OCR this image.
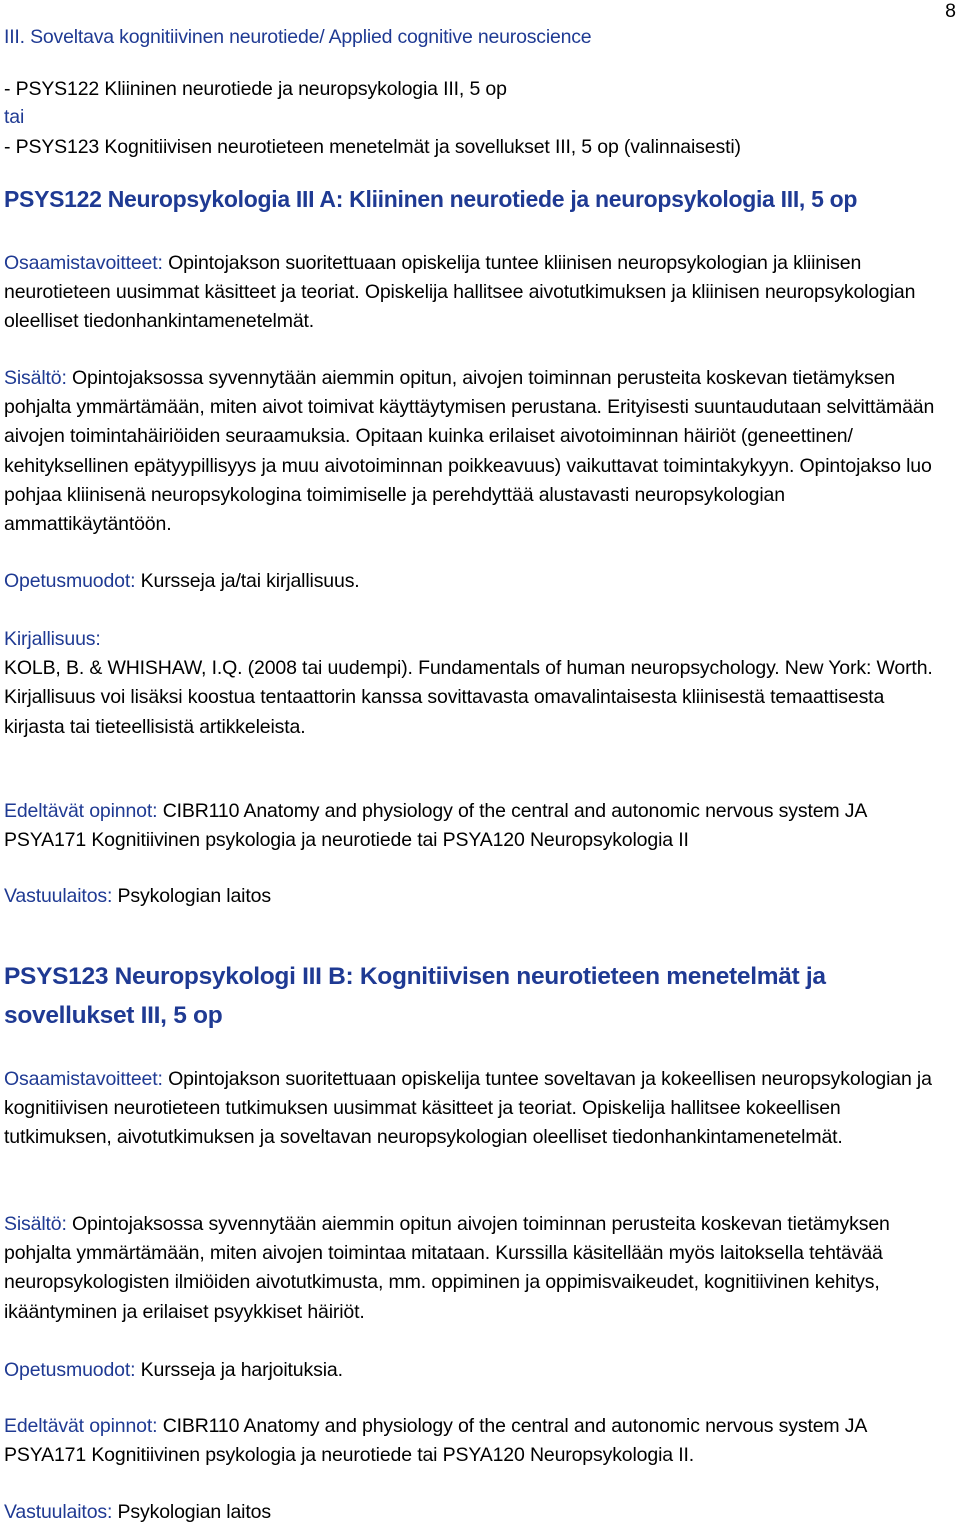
III. Soveltava kognitiivinen neurotiede/ Applied cognitive neuroscience
8
- PSYS122 Kliininen neurotiede ja neuropsykologia III, 5 op
tai
- PSYS123 Kognitiivisen neurotieteen menetelmät ja sovellukset III, 5 op (valinnaisesti)
PSYS122 Neuropsykologia III A: Kliininen neurotiede ja neuropsykologia III, 5 op
Osaamistavoitteet: Opintojakson suoritettuaan opiskelija tuntee kliinisen neuropsykologian ja kliinisen neurotieteen uusimmat käsitteet ja teoriat. Opiskelija hallitsee aivotutkimuksen ja kliinisen neuropsykologian oleelliset tiedonhankintamenetelmät.
Sisältö: Opintojaksossa syvennytään aiemmin opitun, aivojen toiminnan perusteita koskevan tietämyksen pohjalta ymmärtämään, miten aivot toimivat käyttäytymisen perustana. Erityisesti suuntaudutaan selvittämään aivojen toimintahäiriöiden seuraamuksia. Opitaan kuinka erilaiset aivotoiminnan häiriöt (geneettinen/ kehityksellinen epätyypillisyys ja muu aivotoiminnan poikkeavuus) vaikuttavat toimintakykyyn. Opintojakso luo pohjaa kliinisenä neuropsykologina toimimiselle ja perehdyttää alustavasti neuropsykologian ammattikäytäntöön.
Opetusmuodot: Kursseja ja/tai kirjallisuus.
Kirjallisuus:
KOLB, B. & WHISHAW, I.Q. (2008 tai uudempi). Fundamentals of human neuropsychology. New York: Worth.
Kirjallisuus voi lisäksi koostua tentaattorin kanssa sovittavasta omavalintaisesta kliinisestä temaattisesta kirjasta tai tieteellisistä artikkeleista.
Edeltävät opinnot: CIBR110 Anatomy and physiology of the central and autonomic nervous system JA PSYA171 Kognitiivinen psykologia ja neurotiede tai PSYA120 Neuropsykologia II
Vastuulaitos: Psykologian laitos
PSYS123 Neuropsykologi III B: Kognitiivisen neurotieteen menetelmät ja sovellukset III, 5 op
Osaamistavoitteet: Opintojakson suoritettuaan opiskelija tuntee soveltavan ja kokeellisen neuropsykologian ja kognitiivisen neurotieteen tutkimuksen uusimmat käsitteet ja teoriat. Opiskelija hallitsee kokeellisen tutkimuksen, aivotutkimuksen ja soveltavan neuropsykologian oleelliset tiedonhankintamenetelmät.
Sisältö: Opintojaksossa syvennytään aiemmin opitun aivojen toiminnan perusteita koskevan tietämyksen pohjalta ymmärtämään, miten aivojen toimintaa mitataan. Kurssilla käsitellään myös laitoksella tehtävää neuropsykologisten ilmiöiden aivotutkimusta, mm. oppiminen ja oppimisvaikeudet, kognitiivinen kehitys, ikääntyminen ja erilaiset psyykkiset häiriöt.
Opetusmuodot: Kursseja ja harjoituksia.
Edeltävät opinnot: CIBR110 Anatomy and physiology of the central and autonomic nervous system JA PSYA171 Kognitiivinen psykologia ja neurotiede tai PSYA120 Neuropsykologia II.
Vastuulaitos: Psykologian laitos
